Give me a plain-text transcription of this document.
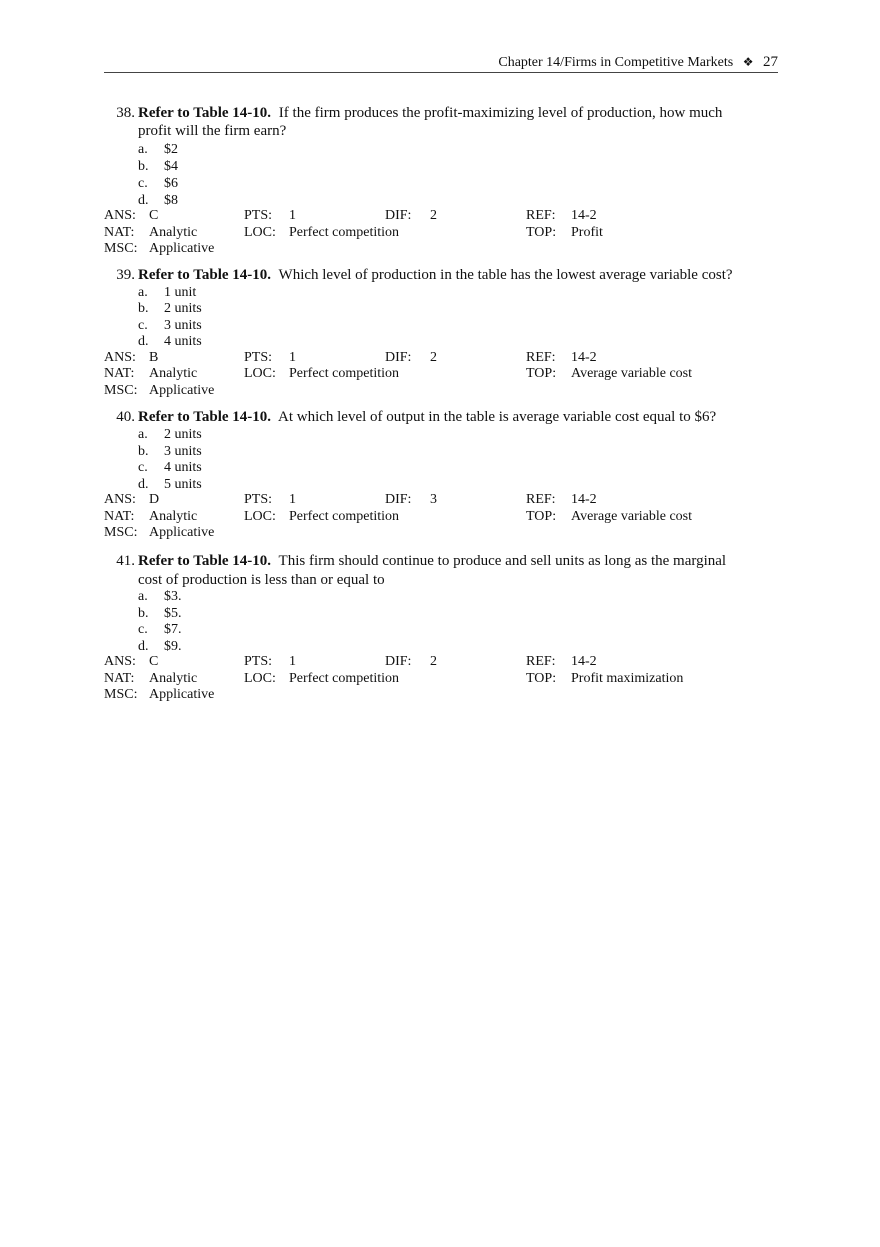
Chapter 14/Firms in Competitive Markets ❖ 27
38. Refer to Table 14-10. If the firm produces the profit-maximizing level of production, how much
profit will the firm earn?
a. $2
b. $4
c. $6
d. $8
ANS: C	PTS: 1	DIF: 2	REF: 14-2
NAT: Analytic	LOC: Perfect competition	TOP: Profit
MSC: Applicative
39. Refer to Table 14-10. Which level of production in the table has the lowest average variable cost?
a. 1 unit
b. 2 units
c. 3 units
d. 4 units
ANS: B	PTS: 1	DIF: 2	REF: 14-2
NAT: Analytic	LOC: Perfect competition	TOP: Average variable cost
MSC: Applicative
40. Refer to Table 14-10. At which level of output in the table is average variable cost equal to $6?
a. 2 units
b. 3 units
c. 4 units
d. 5 units
ANS: D	PTS: 1	DIF: 3	REF: 14-2
NAT: Analytic	LOC: Perfect competition	TOP: Average variable cost
MSC: Applicative
41. Refer to Table 14-10. This firm should continue to produce and sell units as long as the marginal
cost of production is less than or equal to
a. $3.
b. $5.
c. $7.
d. $9.
ANS: C	PTS: 1	DIF: 2	REF: 14-2
NAT: Analytic	LOC: Perfect competition	TOP: Profit maximization
MSC: Applicative
